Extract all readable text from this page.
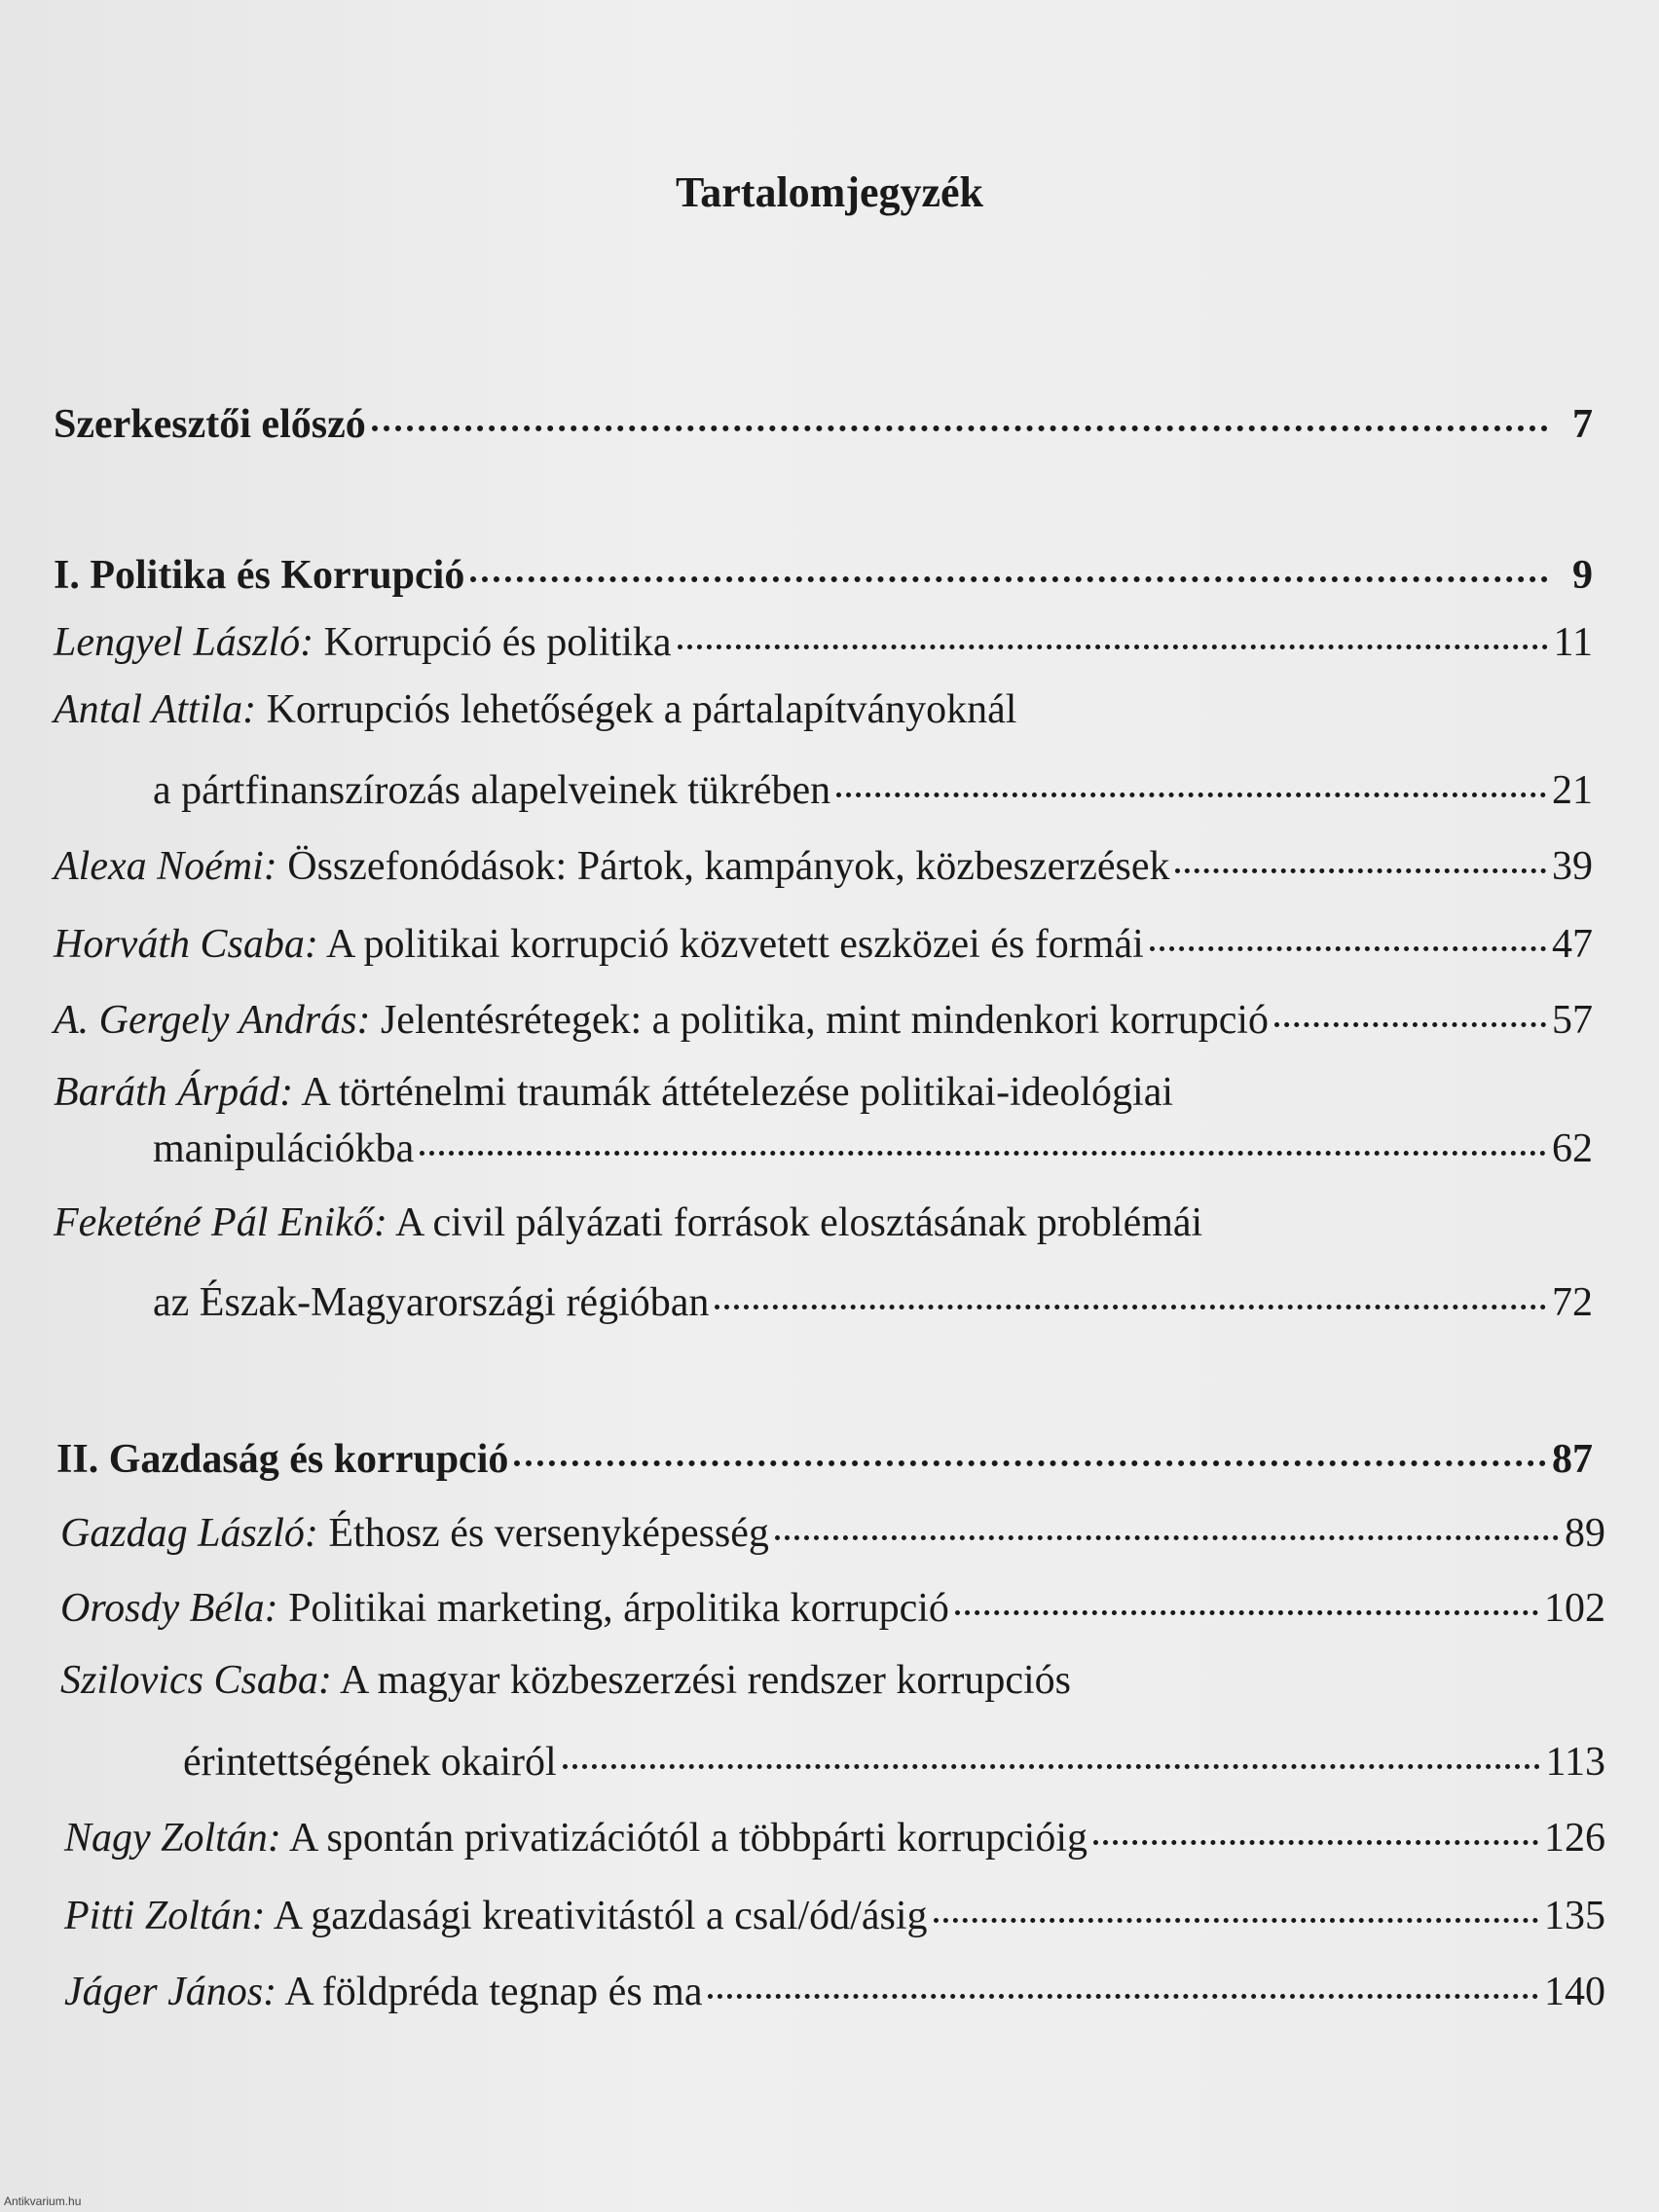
Tartalomjegyzék
Szerkesztői előszó	7
I. Politika és Korrupció	9
Lengyel László: Korrupció és politika	11
Antal Attila: Korrupciós lehetőségek a pártalapítványoknál
a pártfinanszírozás alapelveinek tükrében	21
Alexa Noémi: Összefonódások: Pártok, kampányok, közbeszerzések	39
Horváth Csaba: A politikai korrupció közvetett eszközei és formái	47
A. Gergely András: Jelentésrétegek: a politika, mint mindenkori korrupció	57
Baráth Árpád: A történelmi traumák áttételezése politikai-ideológiai
manipulációkba	62
Feketéné Pál Enikő: A civil pályázati források elosztásának problémái
az Észak-Magyarországi régióban	72
II. Gazdaság és korrupció	87
Gazdag László: Éthosz és versenyképesség	89
Orosdy Béla: Politikai marketing, árpolitika korrupció	102
Szilovics Csaba: A magyar közbeszerzési rendszer korrupciós
érintettségének okairól	113
Nagy Zoltán: A spontán privatizációtól a többpárti korrupcióig	126
Pitti Zoltán: A gazdasági kreativitástól a csal/ód/ásig	135
Jáger János: A földpréda tegnap és ma	140
Antikvarium.hu
